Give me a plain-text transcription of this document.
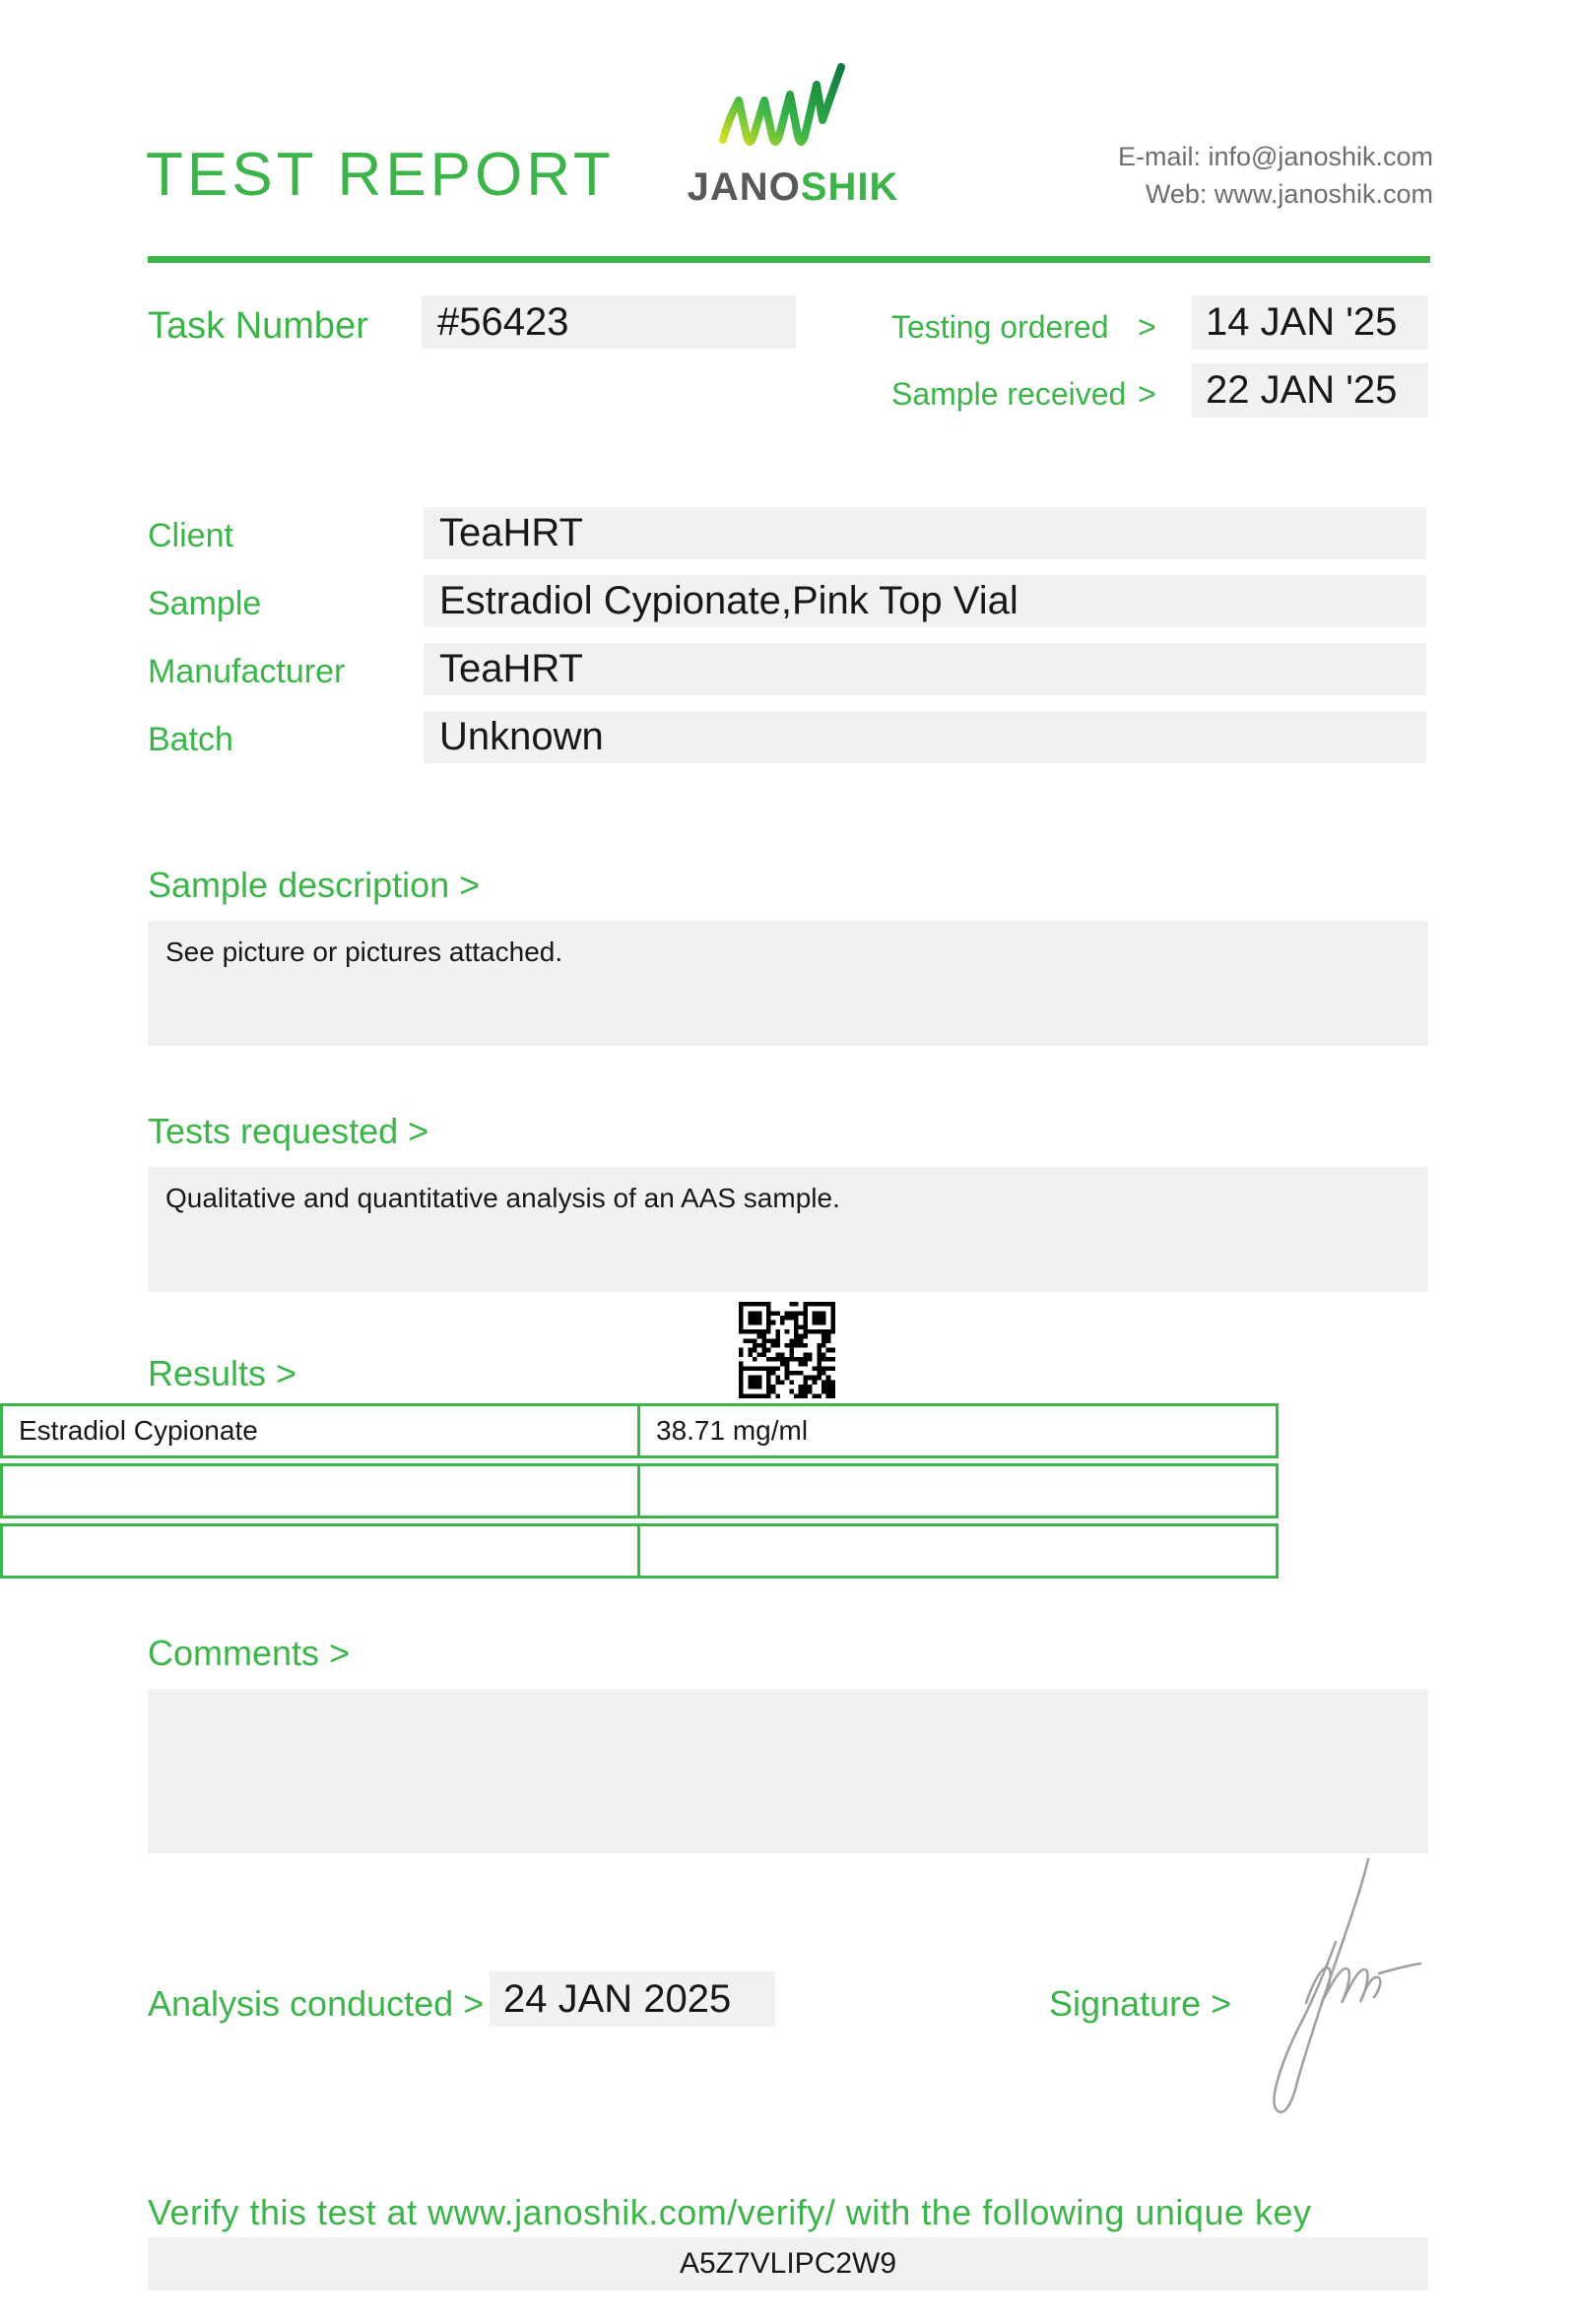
TEST REPORT JANOSHIK
E-mail: info@janoshik.com
Web: www.janoshik.com
Task Number	#56423	Testing ordered >	14 JAN '25
Sample received >	22 JAN '25
Client	TeaHRT
Sample	Estradiol Cypionate,Pink Top Vial
Manufacturer	TeaHRT
Batch	Unknown
Sample description >
See picture or pictures attached.
Tests requested >
Qualitative and quantitative analysis of an AAS sample.
Results >
Estradiol Cypionate	38.71 mg/ml
Comments >
Analysis conducted > 24 JAN 2025	Signature >
Verify this test at www.janoshik.com/verify/ with the following unique key
A5Z7VLIPC2W9
